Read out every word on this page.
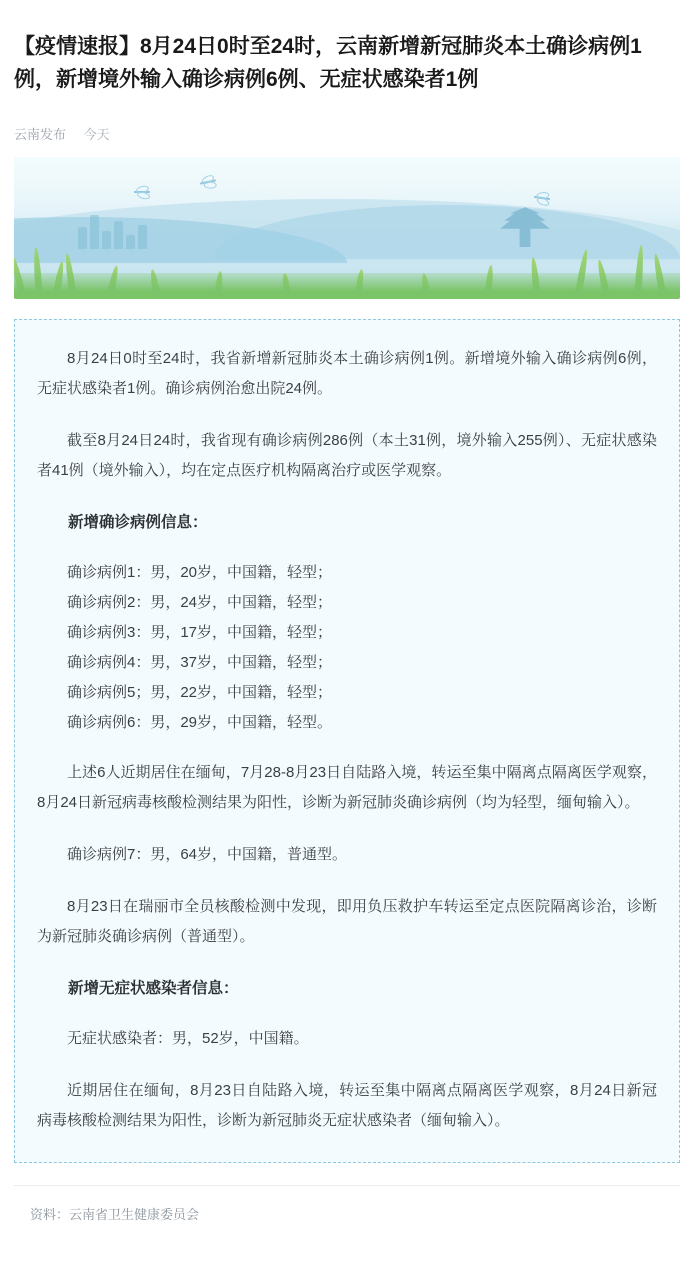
【疫情速报】8月24日0时至24时，云南新增新冠肺炎本土确诊病例1例，新增境外输入确诊病例6例、无症状感染者1例
云南发布 今天

8月24日0时至24时，我省新增新冠肺炎本土确诊病例1例。新增境外输入确诊病例6例，无症状感染者1例。确诊病例治愈出院24例。

截至8月24日24时，我省现有确诊病例286例（本土31例，境外输入255例）、无症状感染者41例（境外输入），均在定点医疗机构隔离治疗或医学观察。

新增确诊病例信息：

确诊病例1：男，20岁，中国籍，轻型；
确诊病例2：男，24岁，中国籍，轻型；
确诊病例3：男，17岁，中国籍，轻型；
确诊病例4：男，37岁，中国籍，轻型；
确诊病例5；男，22岁，中国籍，轻型；
确诊病例6：男，29岁，中国籍，轻型。

上述6人近期居住在缅甸，7月28-8月23日自陆路入境，转运至集中隔离点隔离医学观察，8月24日新冠病毒核酸检测结果为阳性，诊断为新冠肺炎确诊病例（均为轻型，缅甸输入）。

确诊病例7：男，64岁，中国籍，普通型。

8月23日在瑞丽市全员核酸检测中发现，即用负压救护车转运至定点医院隔离诊治，诊断为新冠肺炎确诊病例（普通型）。

新增无症状感染者信息：

无症状感染者：男，52岁，中国籍。

近期居住在缅甸，8月23日自陆路入境，转运至集中隔离点隔离医学观察，8月24日新冠病毒核酸检测结果为阳性，诊断为新冠肺炎无症状感染者（缅甸输入）。

资料：云南省卫生健康委员会
